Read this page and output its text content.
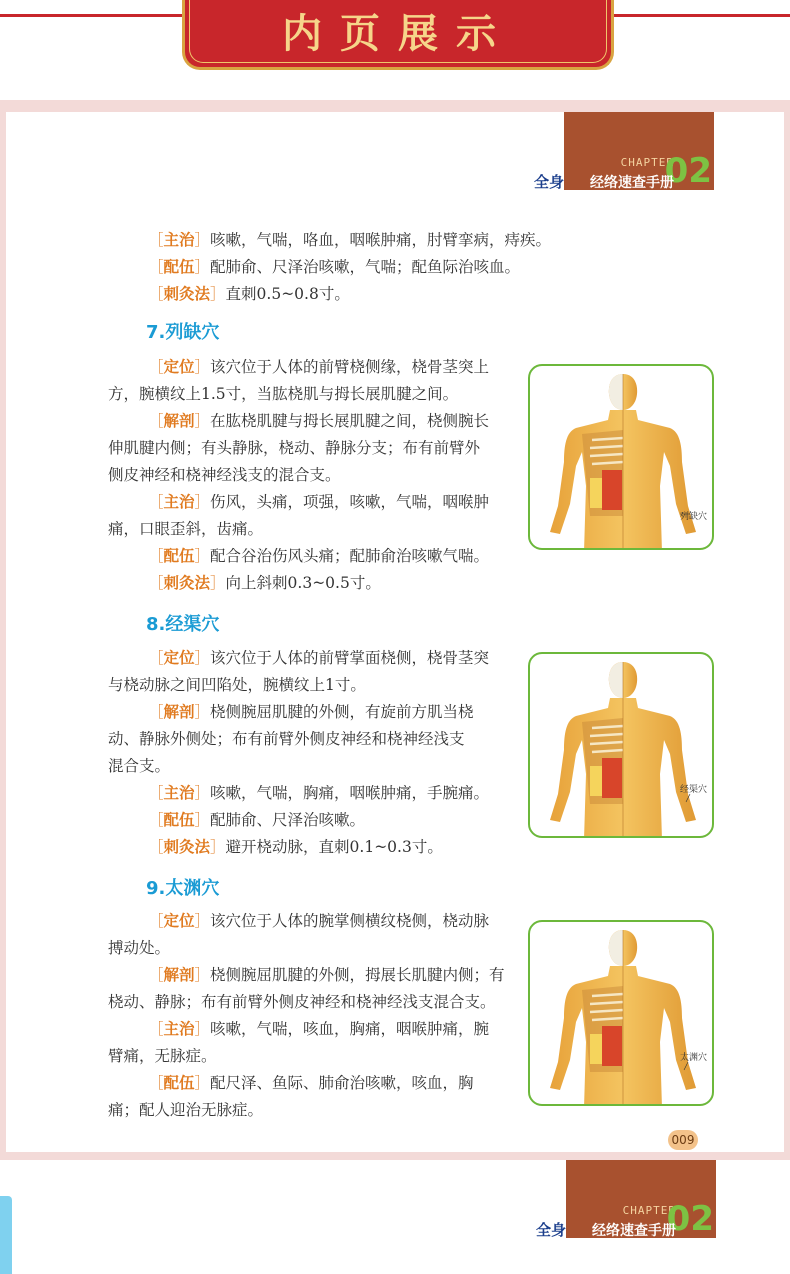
内页展示
CHAPTER
02
经络速查手册
全身
［主治］咳嗽，气喘，咯血，咽喉肿痛，肘臂挛病，痔疾。
［配伍］配肺俞、尺泽治咳嗽，气喘；配鱼际治咳血。
［刺灸法］直刺0.5~0.8寸。
7.列缺穴
［定位］该穴位于人体的前臂桡侧缘，桡骨茎突上
方，腕横纹上1.5寸，当肱桡肌与拇长展肌腱之间。
［解剖］在肱桡肌腱与拇长展肌腱之间，桡侧腕长
伸肌腱内侧；有头静脉，桡动、静脉分支；布有前臂外
侧皮神经和桡神经浅支的混合支。
［主治］伤风，头痛，项强，咳嗽，气喘，咽喉肿
痛，口眼歪斜，齿痛。
［配伍］配合谷治伤风头痛；配肺俞治咳嗽气喘。
［刺灸法］向上斜刺0.3~0.5寸。
列缺穴
8.经渠穴
［定位］该穴位于人体的前臂掌面桡侧，桡骨茎突
与桡动脉之间凹陷处，腕横纹上1寸。
［解剖］桡侧腕屈肌腱的外侧，有旋前方肌当桡
动、静脉外侧处；布有前臂外侧皮神经和桡神经浅支
混合支。
［主治］咳嗽，气喘，胸痛，咽喉肿痛，手腕痛。
［配伍］配肺俞、尺泽治咳嗽。
［刺灸法］避开桡动脉，直刺0.1~0.3寸。
经渠穴
9.太渊穴
［定位］该穴位于人体的腕掌侧横纹桡侧，桡动脉
搏动处。
［解剖］桡侧腕屈肌腱的外侧，拇展长肌腱内侧；有
桡动、静脉；布有前臂外侧皮神经和桡神经浅支混合支。
［主治］咳嗽，气喘，咳血，胸痛，咽喉肿痛，腕
臂痛，无脉症。
［配伍］配尺泽、鱼际、肺俞治咳嗽，咳血，胸
痛；配人迎治无脉症。
太渊穴
009
CHAPTER
02
经络速查手册
全身
